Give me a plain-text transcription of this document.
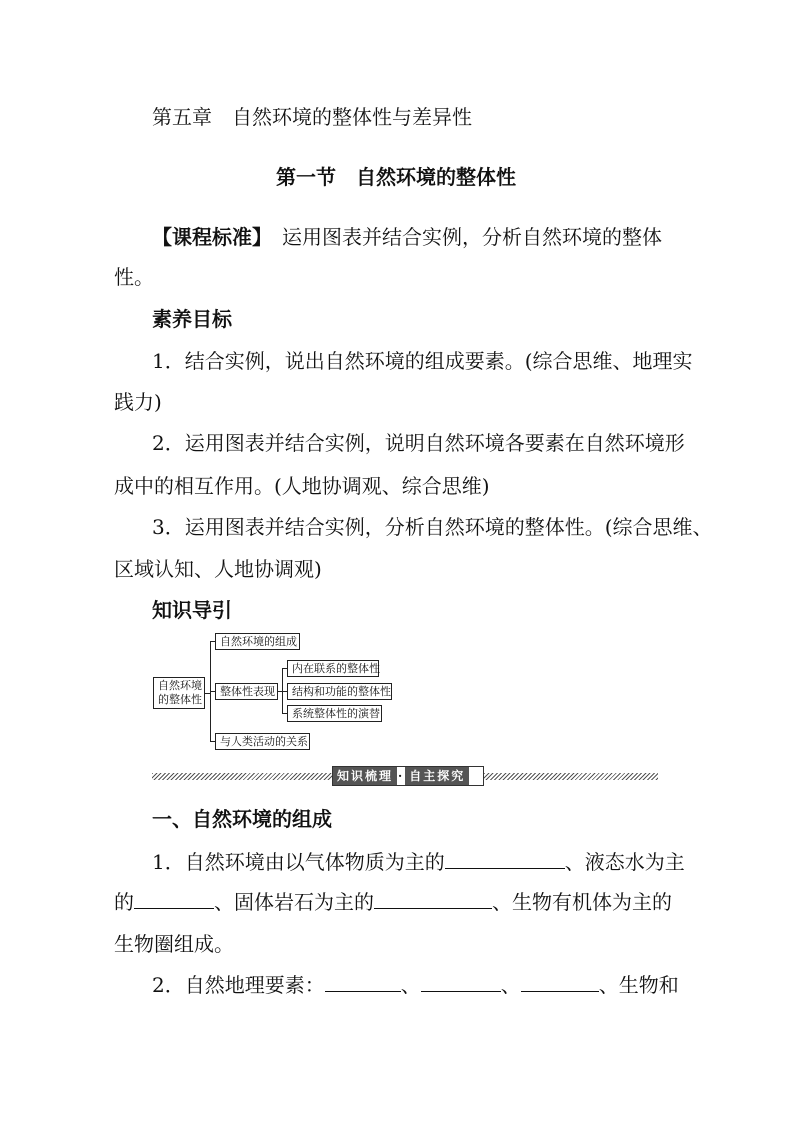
第五章　自然环境的整体性与差异性
第一节　自然环境的整体性
【课程标准】　运用图表并结合实例，分析自然环境的整体
性。
素养目标
1．结合实例，说出自然环境的组成要素。(综合思维、地理实
践力)
2．运用图表并结合实例，说明自然环境各要素在自然环境形
成中的相互作用。(人地协调观、综合思维)
3．运用图表并结合实例，分析自然环境的整体性。(综合思维、
区域认知、人地协调观)
知识导引
自然环境
的整体性
自然环境的组成
整体性表现
与人类活动的关系
内在联系的整体性
结构和功能的整体性
系统整体性的演替
知识梳理 · 自主探究
一、自然环境的组成
1．自然环境由以气体物质为主的	、液态水为主
的	、固体岩石为主的	、生物有机体为主的
生物圈组成。
2．自然地理要素：	、	、	、生物和
